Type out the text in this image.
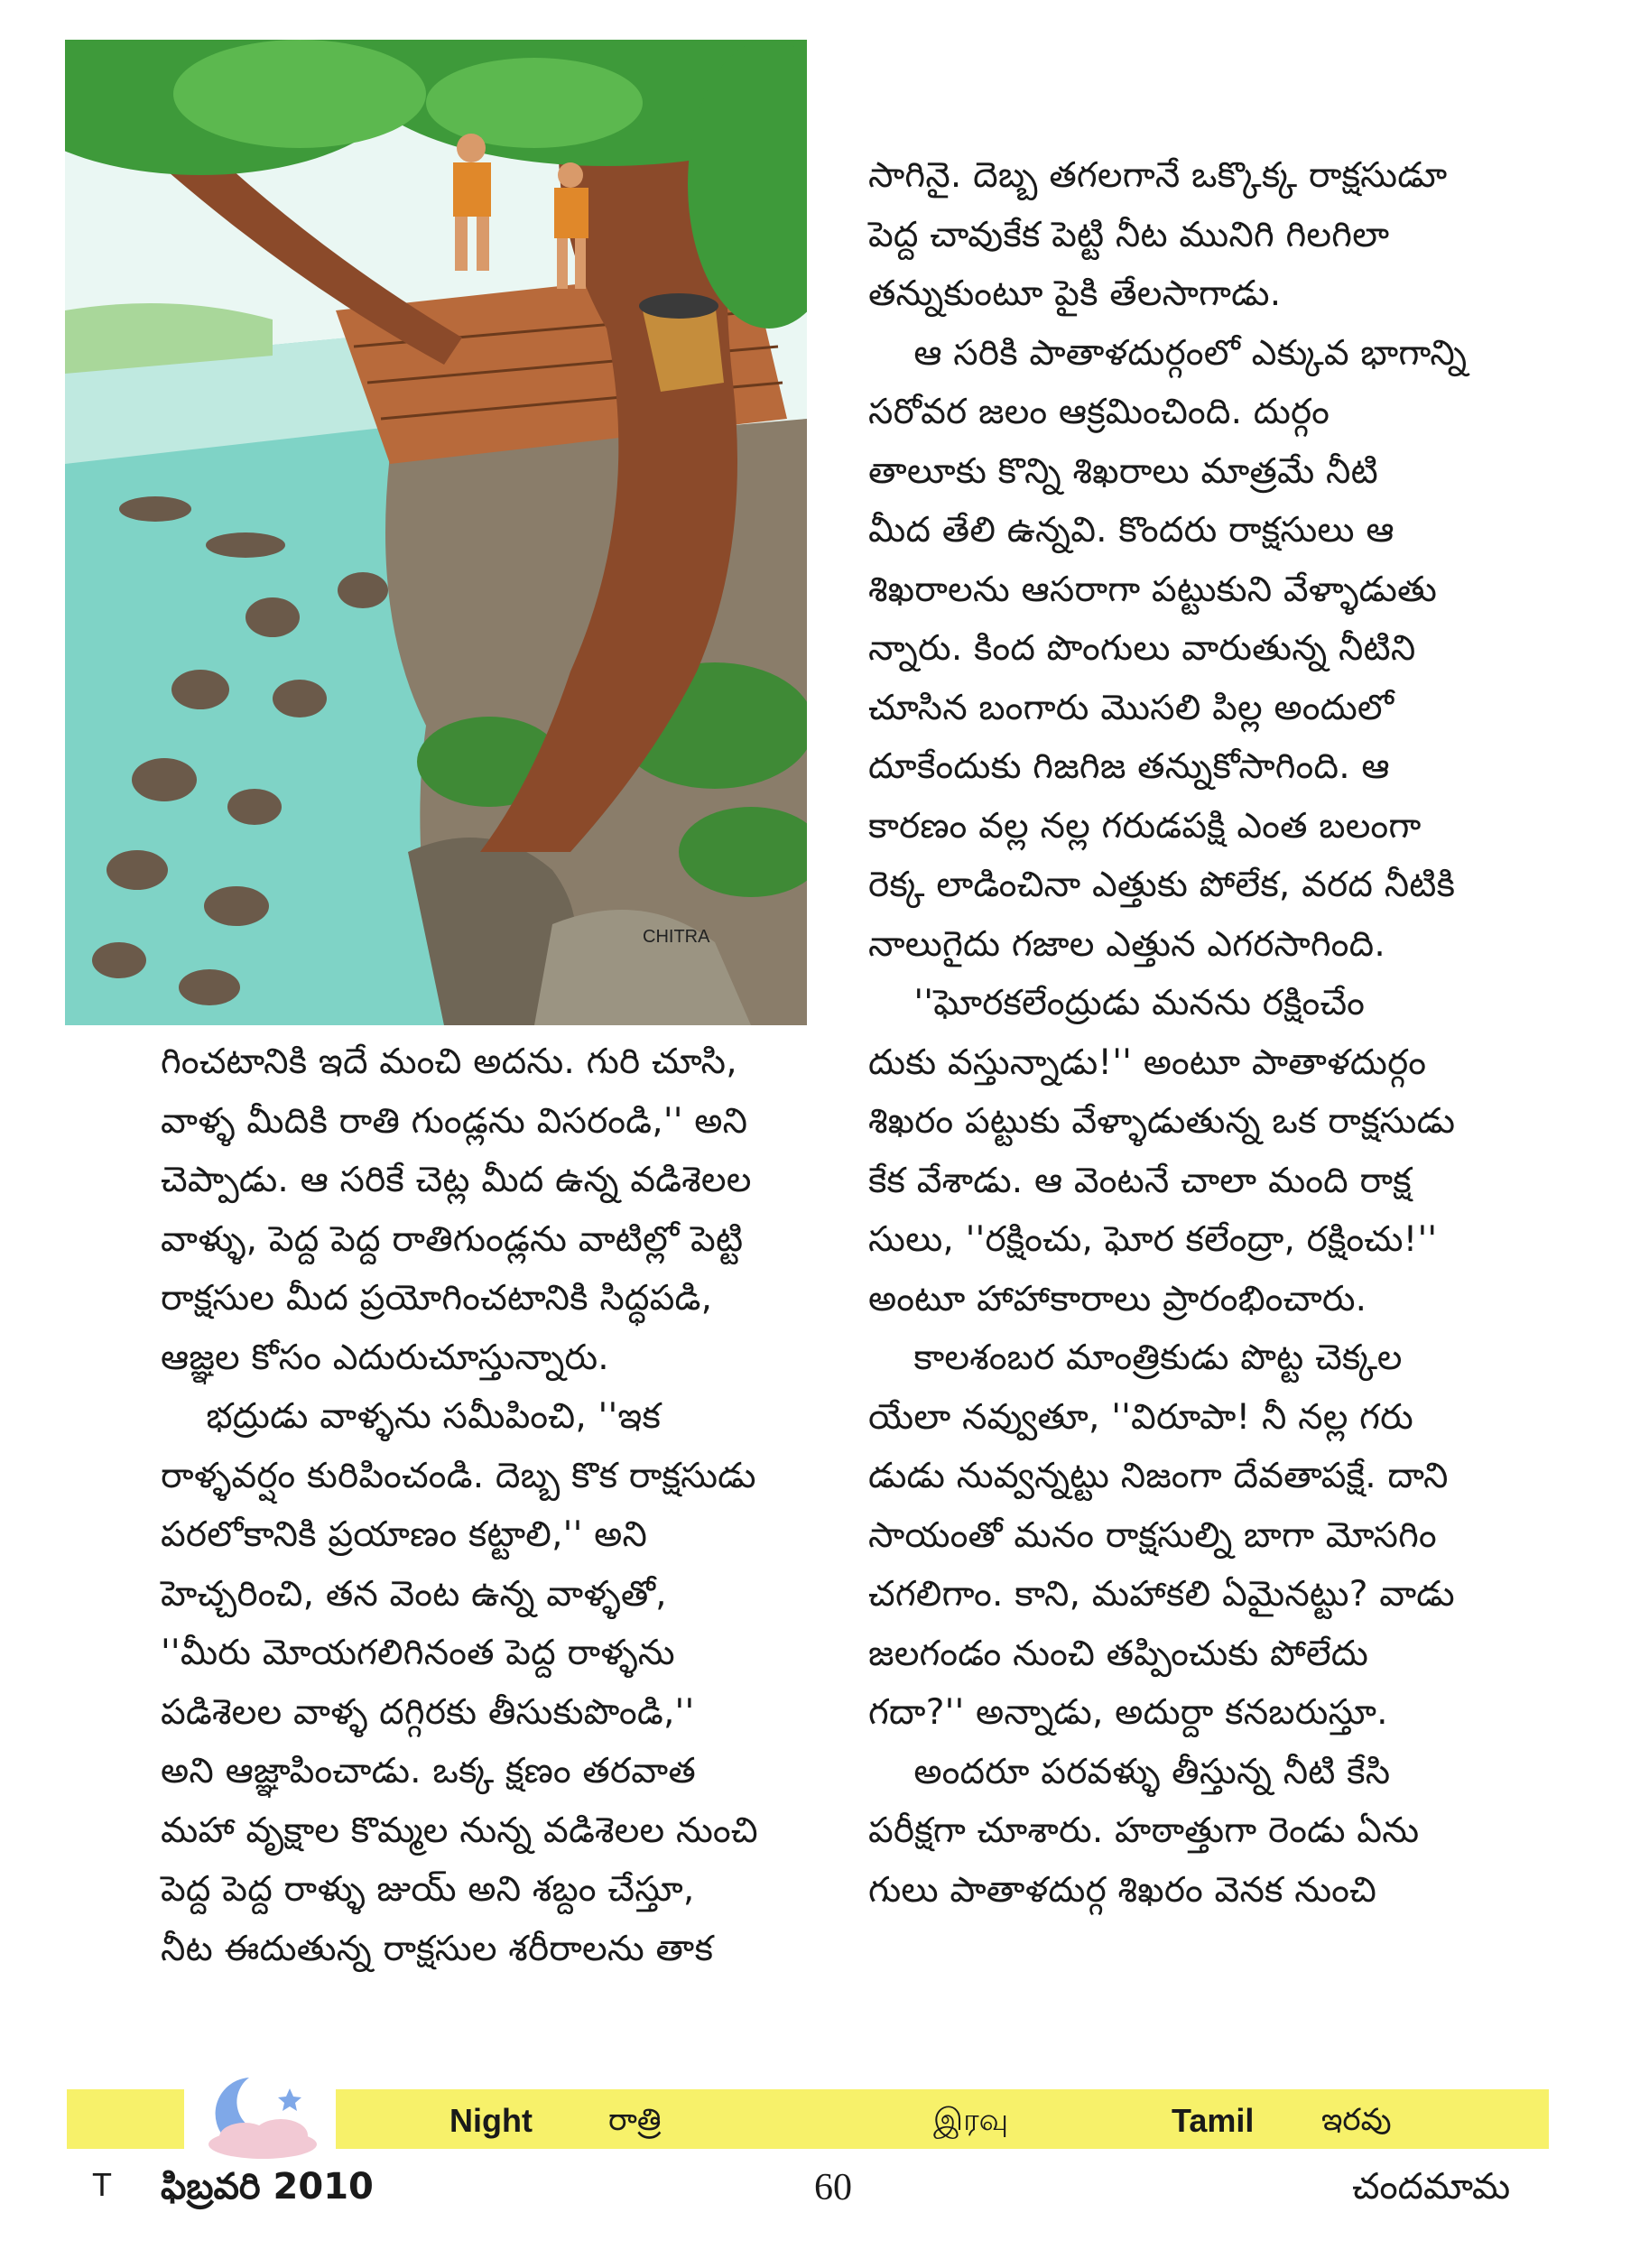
CHITRA

గించటానికి ఇదే మంచి అదను. గురి చూసి,

వాళ్ళ మీదికి రాతి గుండ్లను విసరండి,'' అని

చెప్పాడు. ఆ సరికే చెట్ల మీద ఉన్న వడిశెలల

వాళ్ళు, పెద్ద పెద్ద రాతిగుండ్లను వాటిల్లో పెట్టి

రాక్షసుల మీద ప్రయోగించటానికి సిద్ధపడి,

ఆజ్ఞల కోసం ఎదురుచూస్తున్నారు.

భద్రుడు వాళ్ళను సమీపించి, ''ఇక

రాళ్ళవర్షం కురిపించండి. దెబ్బ కొక రాక్షసుడు

పరలోకానికి ప్రయాణం కట్టాలి,'' అని

హెచ్చరించి, తన వెంట ఉన్న వాళ్ళతో,

''మీరు మోయగలిగినంత పెద్ద రాళ్ళను

పడిశెలల వాళ్ళ దగ్గిరకు తీసుకుపొండి,''

అని ఆజ్ఞాపించాడు. ఒక్క క్షణం తరవాత

మహా వృక్షాల కొమ్మల నున్న వడిశెలల నుంచి

పెద్ద పెద్ద రాళ్ళు జుయ్ అని శబ్దం చేస్తూ,

నీట ఈదుతున్న రాక్షసుల శరీరాలను తాక

సాగినై. దెబ్బ తగలగానే ఒక్కొక్క రాక్షసుడూ

పెద్ద చావుకేక పెట్టి నీట మునిగి గిలగిలా

తన్నుకుంటూ పైకి తేలసాగాడు.

ఆ సరికి పాతాళదుర్గంలో ఎక్కువ భాగాన్ని

సరోవర జలం ఆక్రమించింది. దుర్గం

తాలూకు కొన్ని శిఖరాలు మాత్రమే నీటి

మీద తేలి ఉన్నవి. కొందరు రాక్షసులు ఆ

శిఖరాలను ఆసరాగా పట్టుకుని వేళ్ళాడుతు

న్నారు. కింద పొంగులు వారుతున్న నీటిని

చూసిన బంగారు మొసలి పిల్ల అందులో

దూకేందుకు గిజగిజ తన్నుకోసాగింది. ఆ

కారణం వల్ల నల్ల గరుడపక్షి ఎంత బలంగా

రెక్క లాడించినా ఎత్తుకు పోలేక, వరద నీటికి

నాలుగైదు గజాల ఎత్తున ఎగరసాగింది.

''ఘోరకలేంద్రుడు మనను రక్షించేం

దుకు వస్తున్నాడు!'' అంటూ పాతాళదుర్గం

శిఖరం పట్టుకు వేళ్ళాడుతున్న ఒక రాక్షసుడు

కేక వేశాడు. ఆ వెంటనే చాలా మంది రాక్ష

సులు, ''రక్షించు, ఘోర కలేంద్రా, రక్షించు!''

అంటూ హాహాకారాలు ప్రారంభించారు.

కాలశంబర మాంత్రికుడు పొట్ట చెక్కల

యేలా నవ్వుతూ, ''విరూపా! నీ నల్ల గరు

డుడు నువ్వన్నట్టు నిజంగా దేవతాపక్షే. దాని

సాయంతో మనం రాక్షసుల్ని బాగా మోసగిం

చగలిగాం. కాని, మహాకలి ఏమైనట్టు? వాడు

జలగండం నుంచి తప్పించుకు పోలేదు

గదా?'' అన్నాడు, అదుర్దా కనబరుస్తూ.

అందరూ పరవళ్ళు తీస్తున్న నీటి కేసి

పరీక్షగా చూశారు. హఠాత్తుగా రెండు ఏను

గులు పాతాళదుర్గ శిఖరం వెనక నుంచి

Night రాత్రి	இரவு	Tamil ఇరవు
T ఫిబ్రవరి 2010	60	చందమామ
